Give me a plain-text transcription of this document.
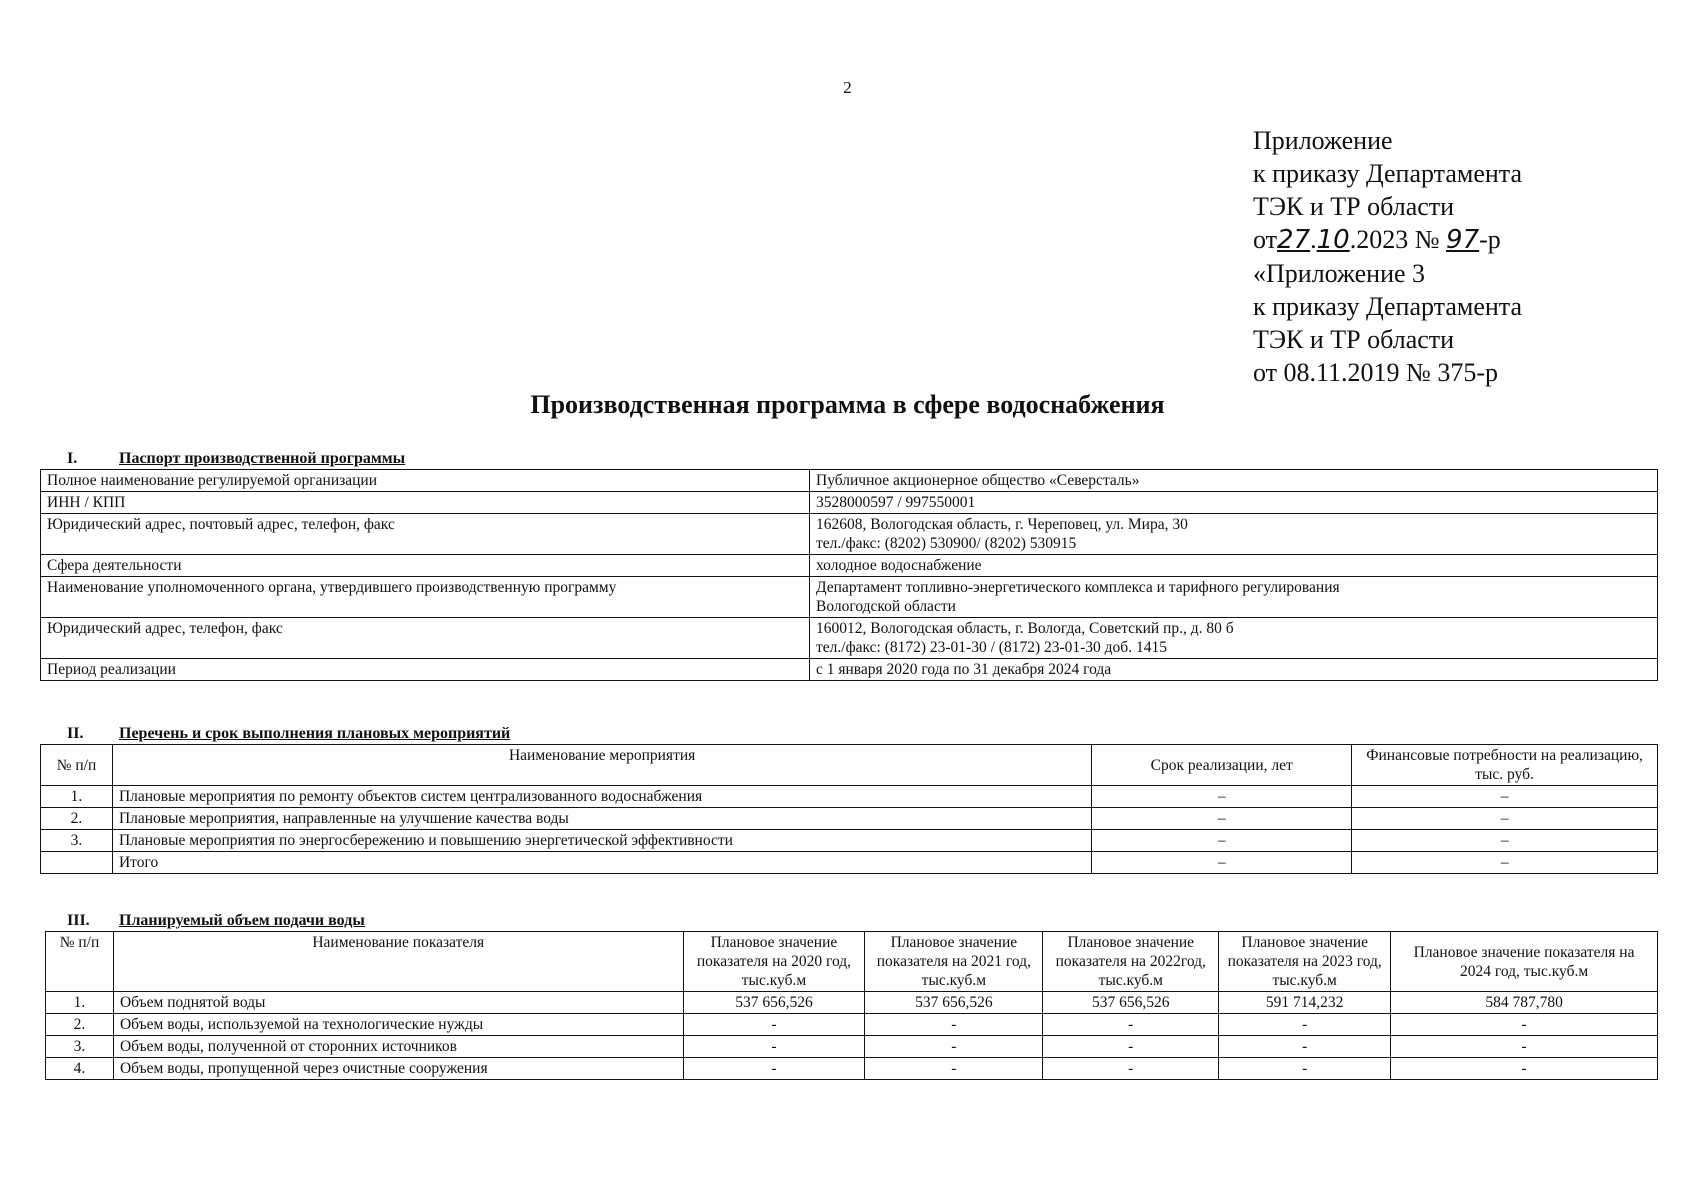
2
Приложение
к приказу Департамента
ТЭК и ТР области
от27.10.2023 № 97-р
«Приложение 3
к приказу Департамента
ТЭК и ТР области
от 08.11.2019 № 375-р
Производственная программа в сфере водоснабжения
I.	Паспорт производственной программы
Полное наименование регулируемой организации	Публичное акционерное общество «Северсталь»

ИНН / КПП	3528000597 / 997550001

Юридический адрес, почтовый адрес, телефон, факс	162608, Вологодская область, г. Череповец, ул. Мира, 30
тел./факс: (8202) 530900/ (8202) 530915

Сфера деятельности	холодное водоснабжение

Наименование уполномоченного органа, утвердившего производственную программу	Департамент топливно-энергетического комплекса и тарифного регулирования
Вологодской области

Юридический адрес, телефон, факс	160012, Вологодская область, г. Вологда, Советский пр., д. 80 б
тел./факс: (8172) 23-01-30 / (8172) 23-01-30 доб. 1415

Период реализации	с 1 января 2020 года по 31 декабря 2024 года
II. Перечень и срок выполнения плановых мероприятий
№ п/п	Наименование мероприятия	Срок реализации, лет	Финансовые потребности на реализацию, тыс. руб.
1.	Плановые мероприятия по ремонту объектов систем централизованного водоснабжения	–	–
2.	Плановые мероприятия, направленные на улучшение качества воды	–	–
3.	Плановые мероприятия по энергосбережению и повышению энергетической эффективности	–	–
	Итого	–	–
III. Планируемый объем подачи воды
№ п/п	Наименование показателя	Плановое значение показателя на 2020 год, тыс.куб.м	Плановое значение показателя на 2021 год, тыс.куб.м	Плановое значение показателя на 2022год, тыс.куб.м	Плановое значение показателя на 2023 год, тыс.куб.м	Плановое значение показателя на 2024 год, тыс.куб.м
1.	Объем поднятой воды	537 656,526	537 656,526	537 656,526	591 714,232	584 787,780
2.	Объем воды, используемой на технологические нужды	-	-	-	-	-
3.	Объем воды, полученной от сторонних источников	-	-	-	-	-
4.	Объем воды, пропущенной через очистные сооружения	-	-	-	-	-
